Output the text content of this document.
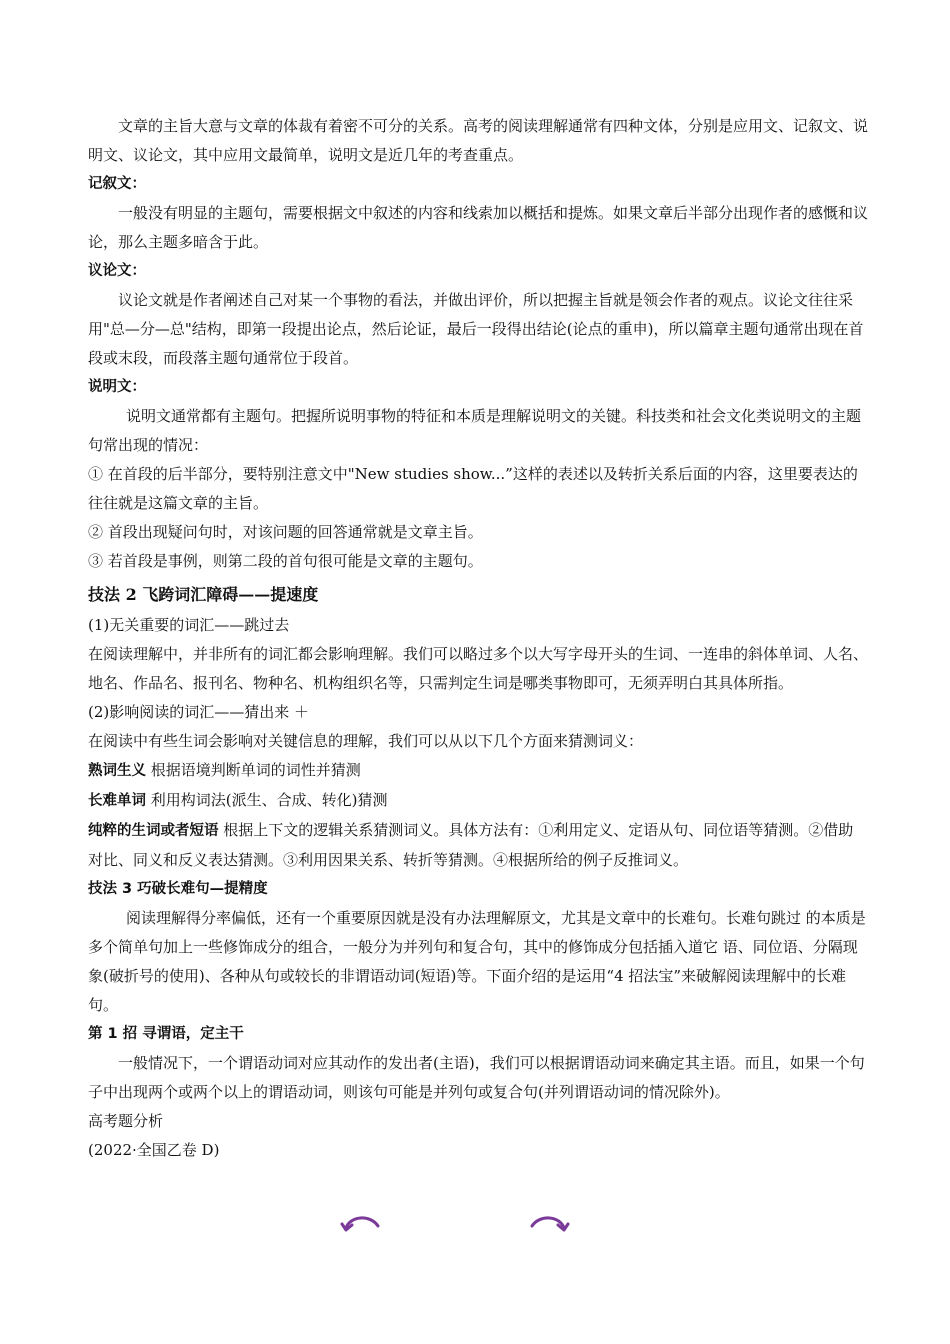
文章的主旨大意与文章的体裁有着密不可分的关系。高考的阅读理解通常有四种文体，分别是应用文、记叙文、说明文、议论文，其中应用文最简单，说明文是近几年的考查重点。

记叙文：

一般没有明显的主题句，需要根据文中叙述的内容和线索加以概括和提炼。如果文章后半部分出现作者的感慨和议论，那么主题多暗含于此。

议论文：

议论文就是作者阐述自己对某一个事物的看法，并做出评价，所以把握主旨就是领会作者的观点。议论文往往采用"总—分—总"结构，即第一段提出论点，然后论证，最后一段得出结论(论点的重申)，所以篇章主题句通常出现在首段或末段，而段落主题句通常位于段首。

说明文：

说明文通常都有主题句。把握所说明事物的特征和本质是理解说明文的关键。科技类和社会文化类说明文的主题句常出现的情况：

① 在首段的后半部分，要特别注意文中"New studies show...”这样的表述以及转折关系后面的内容，这里要表达的往往就是这篇文章的主旨。

② 首段出现疑问句时，对该问题的回答通常就是文章主旨。

③ 若首段是事例，则第二段的首句很可能是文章的主题句。

技法 2 飞跨词汇障碍——提速度

(1)无关重要的词汇——跳过去

在阅读理解中，并非所有的词汇都会影响理解。我们可以略过多个以大写字母开头的生词、一连串的斜体单词、人名、地名、作品名、报刊名、物种名、机构组织名等，只需判定生词是哪类事物即可，无须弄明白其具体所指。

(2)影响阅读的词汇——猜出来 ＋

在阅读中有些生词会影响对关键信息的理解，我们可以从以下几个方面来猜测词义：

熟词生义 根据语境判断单词的词性并猜测

长难单词 利用构词法(派生、合成、转化)猜测

纯粹的生词或者短语 根据上下文的逻辑关系猜测词义。具体方法有：①利用定义、定语从句、同位语等猜测。②借助对比、同义和反义表达猜测。③利用因果关系、转折等猜测。④根据所给的例子反推词义。

技法 3 巧破长难句—提精度

阅读理解得分率偏低，还有一个重要原因就是没有办法理解原文，尤其是文章中的长难句。长难句跳过 的本质是多个简单句加上一些修饰成分的组合，一般分为并列句和复合句，其中的修饰成分包括插入道它 语、同位语、分隔现象(破折号的使用)、各种从句或较长的非谓语动词(短语)等。下面介绍的是运用“4 招法宝”来破解阅读理解中的长难句。

第 1 招 寻谓语，定主干

一般情况下，一个谓语动词对应其动作的发出者(主语)，我们可以根据谓语动词来确定其主语。而且，如果一个句子中出现两个或两个以上的谓语动词，则该句可能是并列句或复合句(并列谓语动词的情况除外)。

高考题分析

(2022·全国乙卷 D)
